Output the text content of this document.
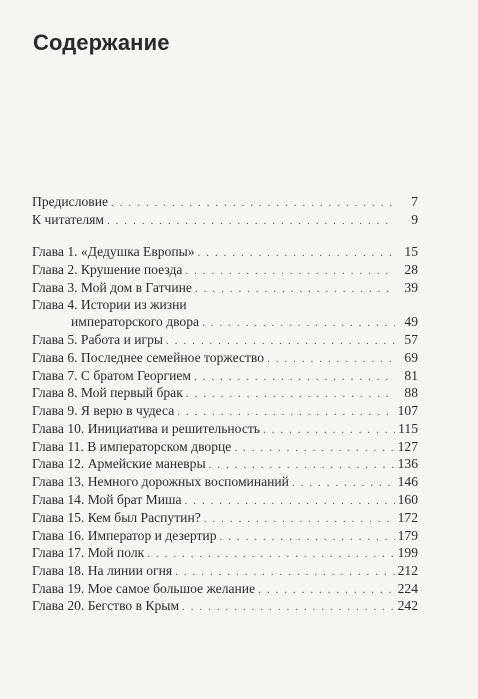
Содержание
Предисловие . . .	7
К читателям . . .	9
Глава 1. «Дедушка Европы» . . .	15
Глава 2. Крушение поезда . . .	28
Глава 3. Мой дом в Гатчине . . .	39
Глава 4. Истории из жизни
императорского двора . . .	49
Глава 5. Работа и игры . . .	57
Глава 6. Последнее семейное торжество . . .	69
Глава 7. С братом Георгием . . .	81
Глава 8. Мой первый брак . . .	88
Глава 9. Я верю в чудеса . . .	107
Глава 10. Инициатива и решительность . . .	115
Глава 11. В императорском дворце . . .	127
Глава 12. Армейские маневры . . .	136
Глава 13. Немного дорожных воспоминаний . . .	146
Глава 14. Мой брат Миша . . .	160
Глава 15. Кем был Распутин? . . .	172
Глава 16. Император и дезертир . . .	179
Глава 17. Мой полк . . .	199
Глава 18. На линии огня . . .	212
Глава 19. Мое самое большое желание . . .	224
Глава 20. Бегство в Крым . . .	242
